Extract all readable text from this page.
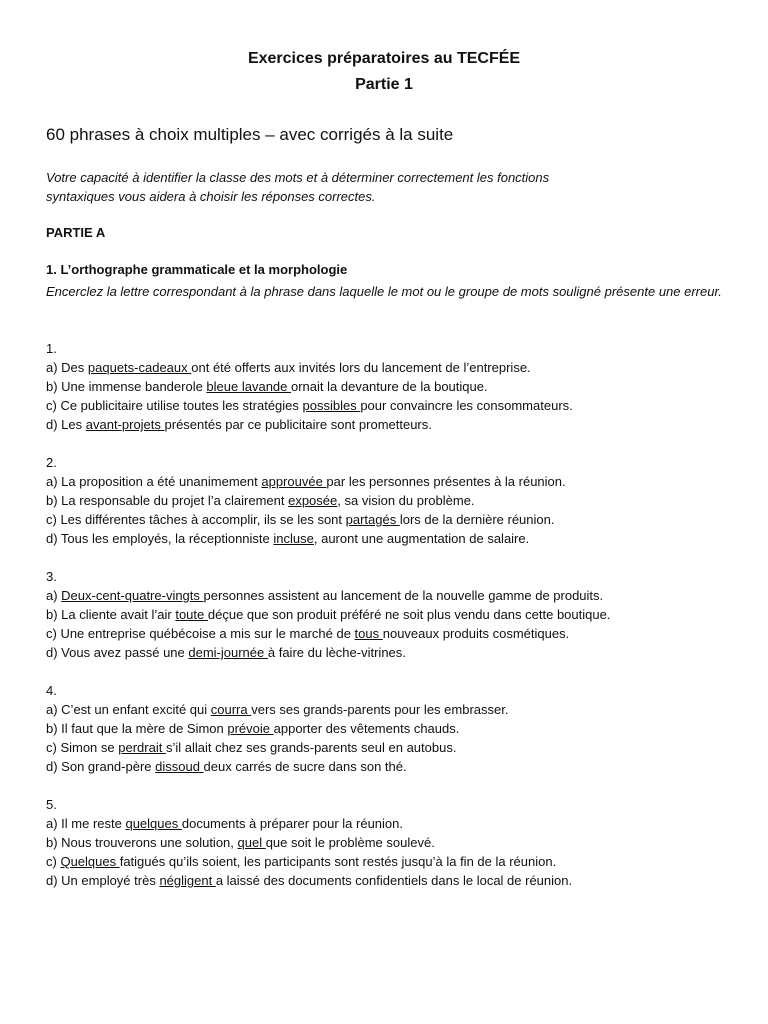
Exercices préparatoires au TECFÉE
Partie 1
60 phrases à choix multiples – avec corrigés à la suite
Votre capacité à identifier la classe des mots et à déterminer correctement les fonctions syntaxiques vous aidera à choisir les réponses correctes.
PARTIE A
1. L’orthographe grammaticale et la morphologie
Encerclez la lettre correspondant à la phrase dans laquelle le mot ou le groupe de mots souligné présente une erreur.
1.
a) Des paquets-cadeaux ont été offerts aux invités lors du lancement de l’entreprise.
b) Une immense banderole bleue lavande ornait la devanture de la boutique.
c) Ce publicitaire utilise toutes les stratégies possibles pour convaincre les consommateurs.
d) Les avant-projets présentés par ce publicitaire sont prometteurs.
2.
a) La proposition a été unanimement approuvée par les personnes présentes à la réunion.
b) La responsable du projet l’a clairement exposée, sa vision du problème.
c) Les différentes tâches à accomplir, ils se les sont partagés lors de la dernière réunion.
d) Tous les employés, la réceptionniste incluse, auront une augmentation de salaire.
3.
a) Deux-cent-quatre-vingts personnes assistent au lancement de la nouvelle gamme de produits.
b) La cliente avait l’air toute déçue que son produit préféré ne soit plus vendu dans cette boutique.
c) Une entreprise québécoise a mis sur le marché de tous nouveaux produits cosmétiques.
d) Vous avez passé une demi-journée à faire du lèche-vitrines.
4.
a) C’est un enfant excité qui courra vers ses grands-parents pour les embrasser.
b) Il faut que la mère de Simon prévoie apporter des vêtements chauds.
c) Simon se perdrait s’il allait chez ses grands-parents seul en autobus.
d) Son grand-père dissoud deux carrés de sucre dans son thé.
5.
a) Il me reste quelques documents à préparer pour la réunion.
b) Nous trouverons une solution, quel que soit le problème soulevé.
c) Quelques fatigués qu’ils soient, les participants sont restés jusqu’à la fin de la réunion.
d) Un employé très négligent a laissé des documents confidentiels dans le local de réunion.
